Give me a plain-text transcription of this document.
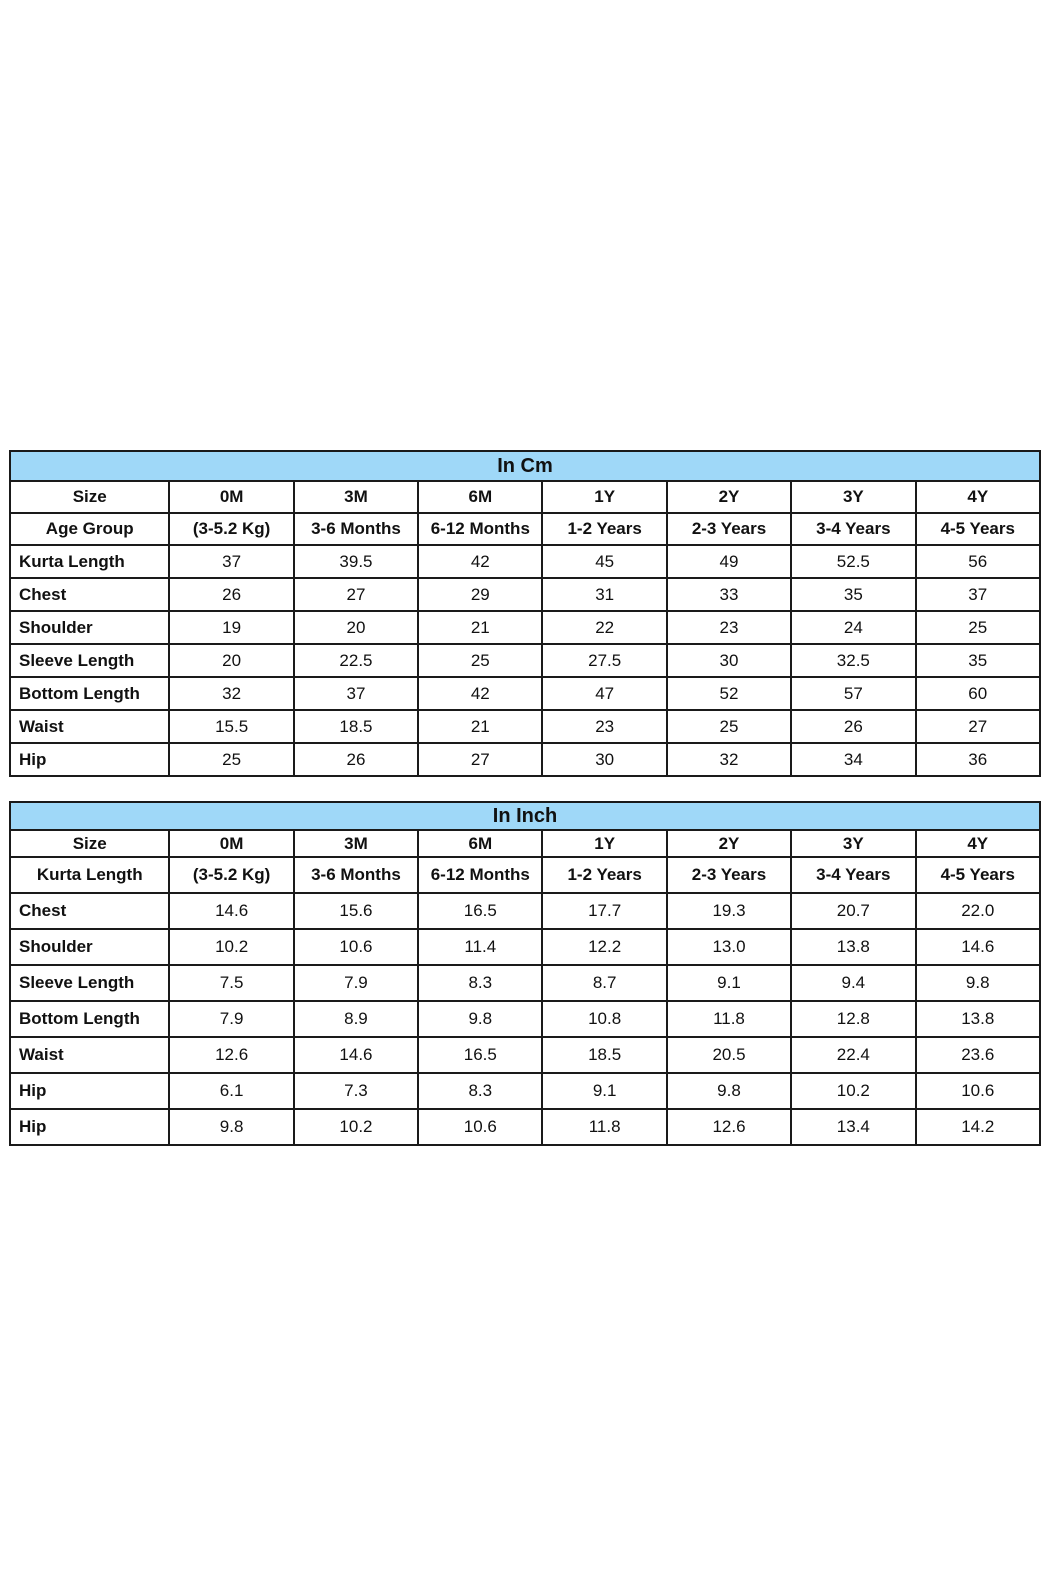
In Cm							
Size	0M	3M	6M	1Y	2Y	3Y	4Y
Age Group	(3-5.2 Kg)	3-6 Months	6-12 Months	1-2 Years	2-3 Years	3-4 Years	4-5 Years
Kurta Length	37	39.5	42	45	49	52.5	56
Chest	26	27	29	31	33	35	37
Shoulder	19	20	21	22	23	24	25
Sleeve Length	20	22.5	25	27.5	30	32.5	35
Bottom Length	32	37	42	47	52	57	60
Waist	15.5	18.5	21	23	25	26	27
Hip	25	26	27	30	32	34	36
In Inch							
Size	0M	3M	6M	1Y	2Y	3Y	4Y
Kurta Length	(3-5.2 Kg)	3-6 Months	6-12 Months	1-2 Years	2-3 Years	3-4 Years	4-5 Years
Chest	14.6	15.6	16.5	17.7	19.3	20.7	22.0
Shoulder	10.2	10.6	11.4	12.2	13.0	13.8	14.6
Sleeve Length	7.5	7.9	8.3	8.7	9.1	9.4	9.8
Bottom Length	7.9	8.9	9.8	10.8	11.8	12.8	13.8
Waist	12.6	14.6	16.5	18.5	20.5	22.4	23.6
Hip	6.1	7.3	8.3	9.1	9.8	10.2	10.6
Hip	9.8	10.2	10.6	11.8	12.6	13.4	14.2
